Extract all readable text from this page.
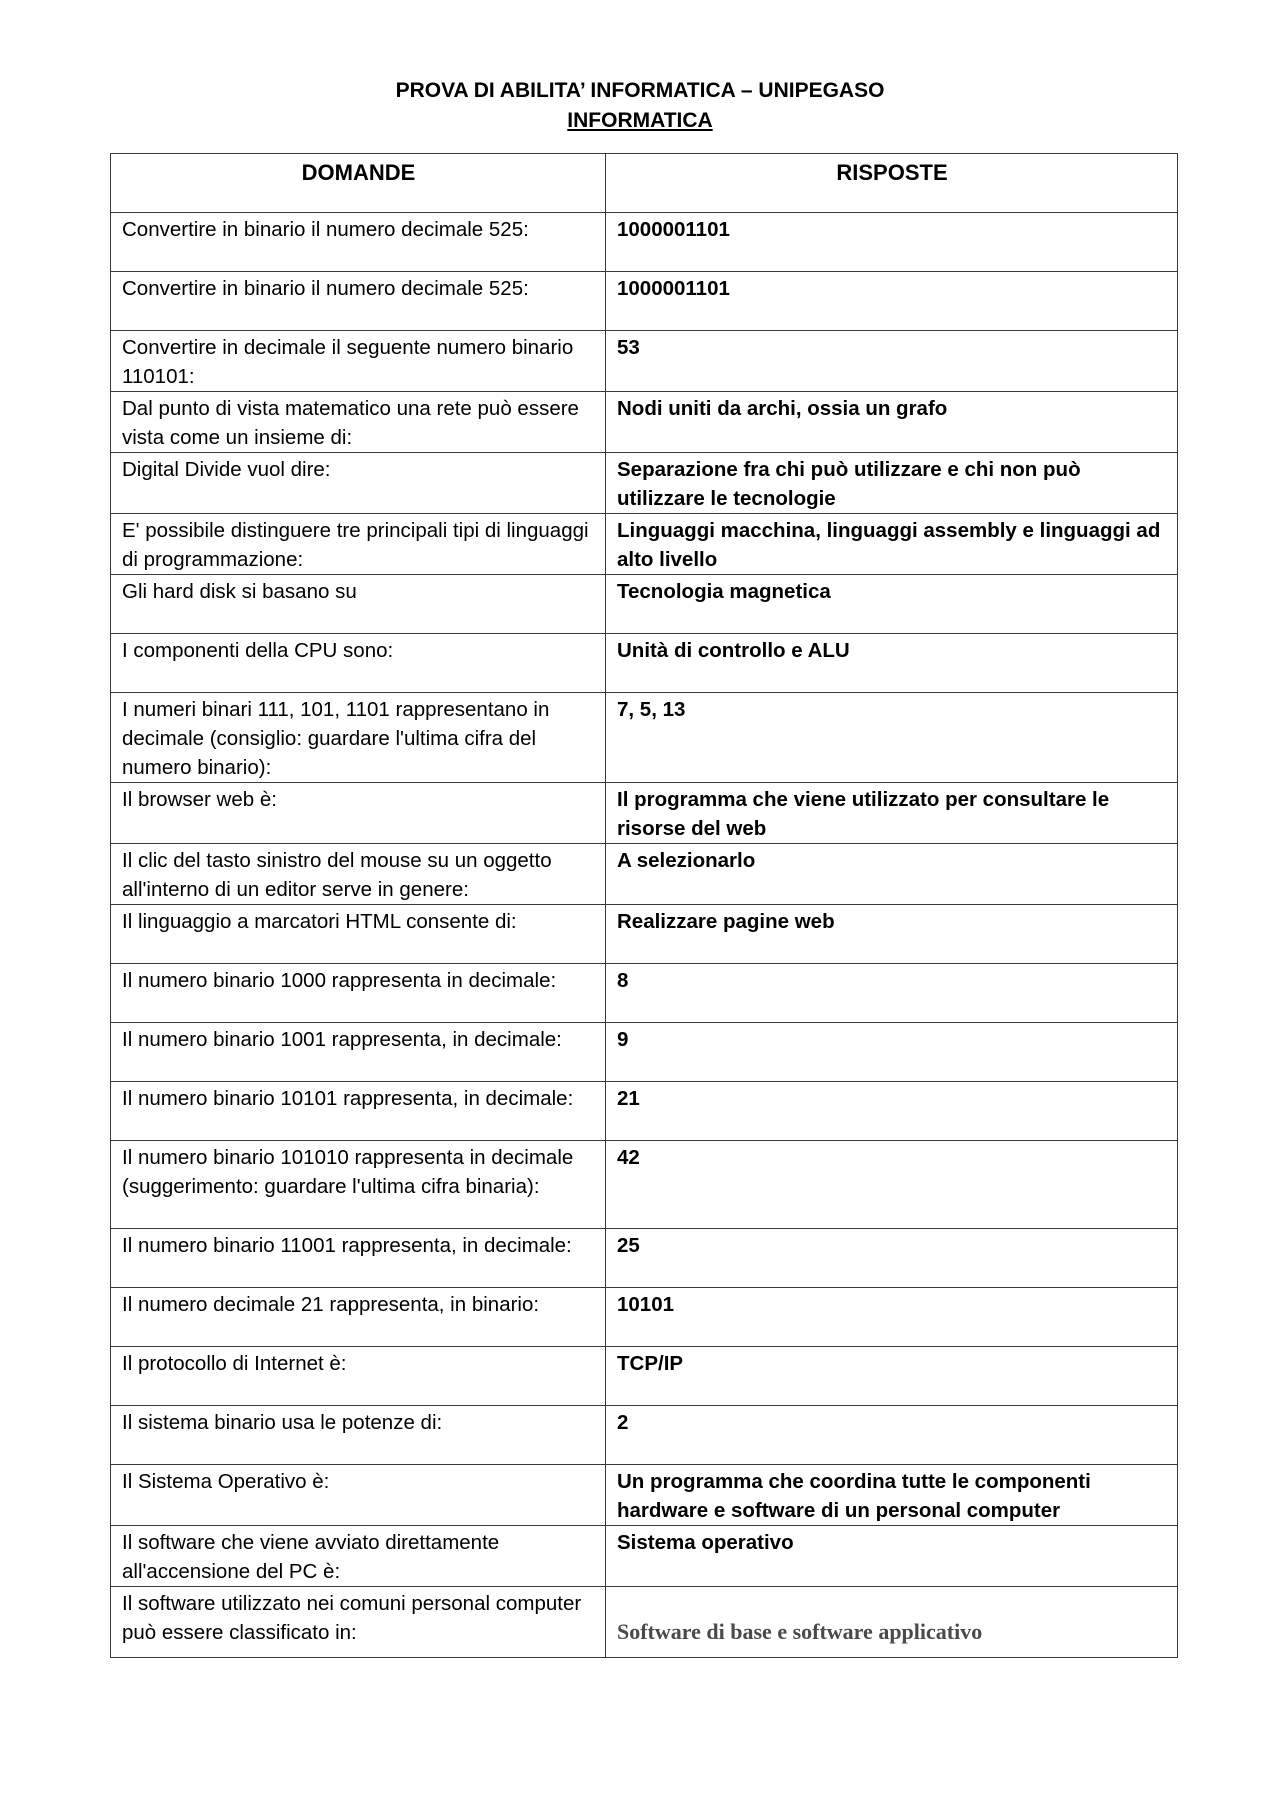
PROVA DI ABILITA’ INFORMATICA – UNIPEGASO

INFORMATICA

DOMANDE	RISPOSTE
Convertire in binario il numero decimale 525:	1000001101
Convertire in binario il numero decimale 525:	1000001101
Convertire in decimale il seguente numero binario 110101:	53
Dal punto di vista matematico una rete può essere vista come un insieme di:	Nodi uniti da archi, ossia un grafo
Digital Divide vuol dire:	Separazione fra chi può utilizzare e chi non può utilizzare le tecnologie
E' possibile distinguere tre principali tipi di linguaggi di programmazione:	Linguaggi macchina, linguaggi assembly e linguaggi ad alto livello
Gli hard disk si basano su	Tecnologia magnetica
I componenti della CPU sono:	Unità di controllo e ALU
I numeri binari 111, 101, 1101 rappresentano in decimale (consiglio: guardare l'ultima cifra del numero binario):	7, 5, 13
Il browser web è:	Il programma che viene utilizzato per consultare le risorse del web
Il clic del tasto sinistro del mouse su un oggetto all'interno di un editor serve in genere:	A selezionarlo
Il linguaggio a marcatori HTML consente di:	Realizzare pagine web
Il numero binario 1000 rappresenta in decimale:	8
Il numero binario 1001 rappresenta, in decimale:	9
Il numero binario 10101 rappresenta, in decimale:	21
Il numero binario 101010 rappresenta in decimale (suggerimento: guardare l'ultima cifra binaria):	42
Il numero binario 11001 rappresenta, in decimale:	25
Il numero decimale 21 rappresenta, in binario:	10101
Il protocollo di Internet è:	TCP/IP
Il sistema binario usa le potenze di:	2
Il Sistema Operativo è:	Un programma che coordina tutte le componenti hardware e software di un personal computer
Il software che viene avviato direttamente all'accensione del PC è:	Sistema operativo
Il software utilizzato nei comuni personal computer può essere classificato in:	Software di base e software applicativo
